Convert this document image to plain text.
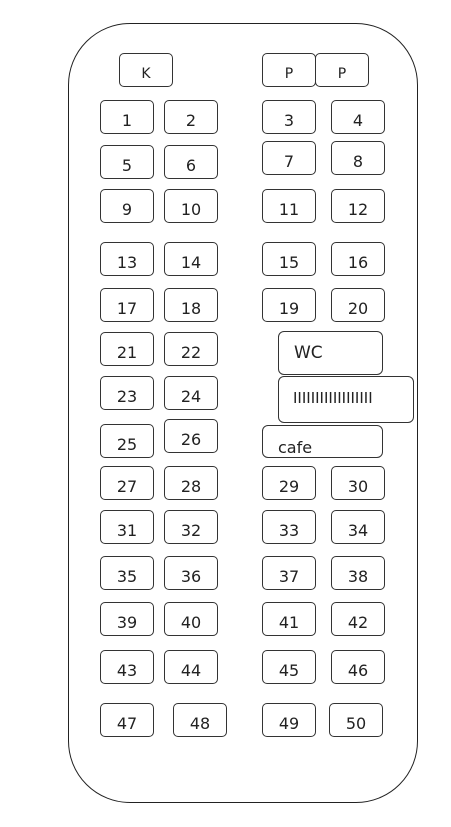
K	P	P
1	2	3	4
5	6	7	8
9	10	11	12
13	14	15	16
17	18	19	20
21	22
23	24
25	26
WC
IIIIIIIIIIIIIIIIII
cafe
27	28	29	30
31	32	33	34
35	36	37	38
39	40	41	42
43	44	45	46
47	48	49	50
